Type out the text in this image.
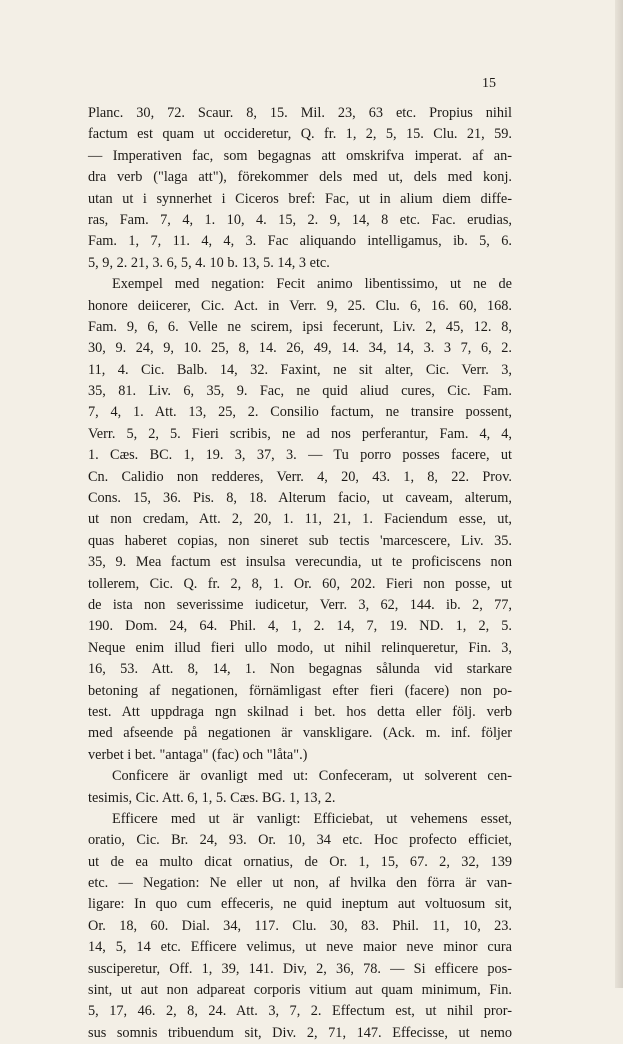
15
Planc. 30, 72. Scaur. 8, 15. Mil. 23, 63 etc. Propius nihil
factum est quam ut occideretur, Q. fr. 1, 2, 5, 15. Clu. 21, 59.
— Imperativen fac, som begagnas att omskrifva imperat. af an-
dra verb ("laga att"), förekommer dels med ut, dels med konj.
utan ut i synnerhet i Ciceros bref: Fac, ut in alium diem diffe-
ras, Fam. 7, 4, 1. 10, 4. 15, 2. 9, 14, 8 etc. Fac. erudias,
Fam. 1, 7, 11. 4, 4, 3. Fac aliquando intelligamus, ib. 5, 6.
5, 9, 2. 21, 3. 6, 5, 4. 10 b. 13, 5. 14, 3 etc.
Exempel med negation: Fecit animo libentissimo, ut ne de
honore deiicerer, Cic. Act. in Verr. 9, 25. Clu. 6, 16. 60, 168.
Fam. 9, 6, 6. Velle ne scirem, ipsi fecerunt, Liv. 2, 45, 12. 8,
30, 9. 24, 9, 10. 25, 8, 14. 26, 49, 14. 34, 14, 3. 3 7, 6, 2.
11, 4. Cic. Balb. 14, 32. Faxint, ne sit alter, Cic. Verr. 3,
35, 81. Liv. 6, 35, 9. Fac, ne quid aliud cures, Cic. Fam.
7, 4, 1. Att. 13, 25, 2. Consilio factum, ne transire possent,
Verr. 5, 2, 5. Fieri scribis, ne ad nos perferantur, Fam. 4, 4,
1. Cæs. BC. 1, 19. 3, 37, 3. — Tu porro posses facere, ut
Cn. Calidio non redderes, Verr. 4, 20, 43. 1, 8, 22. Prov.
Cons. 15, 36. Pis. 8, 18. Alterum facio, ut caveam, alterum,
ut non credam, Att. 2, 20, 1. 11, 21, 1. Faciendum esse, ut,
quas haberet copias, non sineret sub tectis 'marcescere, Liv. 35.
35, 9. Mea factum est insulsa verecundia, ut te proficiscens non
tollerem, Cic. Q. fr. 2, 8, 1. Or. 60, 202. Fieri non posse, ut
de ista non severissime iudicetur, Verr. 3, 62, 144. ib. 2, 77,
190. Dom. 24, 64. Phil. 4, 1, 2. 14, 7, 19. ND. 1, 2, 5.
Neque enim illud fieri ullo modo, ut nihil relinqueretur, Fin. 3,
16, 53. Att. 8, 14, 1. Non begagnas sålunda vid starkare
betoning af negationen, förnämligast efter fieri (facere) non po-
test. Att uppdraga ngn skilnad i bet. hos detta eller följ. verb
med afseende på negationen är vanskligare. (Ack. m. inf. följer
verbet i bet. "antaga" (fac) och "låta".)
Conficere är ovanligt med ut: Confeceram, ut solverent cen-
tesimis, Cic. Att. 6, 1, 5. Cæs. BG. 1, 13, 2.
Efficere med ut är vanligt: Efficiebat, ut vehemens esset,
oratio, Cic. Br. 24, 93. Or. 10, 34 etc. Hoc profecto efficiet,
ut de ea multo dicat ornatius, de Or. 1, 15, 67. 2, 32, 139
etc. — Negation: Ne eller ut non, af hvilka den förra är van-
ligare: In quo cum effeceris, ne quid ineptum aut voltuosum sit,
Or. 18, 60. Dial. 34, 117. Clu. 30, 83. Phil. 11, 10, 23.
14, 5, 14 etc. Efficere velimus, ut neve maior neve minor cura
susciperetur, Off. 1, 39, 141. Div, 2, 36, 78. — Si efficere pos-
sint, ut aut non adpareat corporis vitium aut quam minimum, Fin.
5, 17, 46. 2, 8, 24. Att. 3, 7, 2. Effectum est, ut nihil pror-
sus somnis tribuendum sit, Div. 2, 71, 147. Effecisse, ut nemo
